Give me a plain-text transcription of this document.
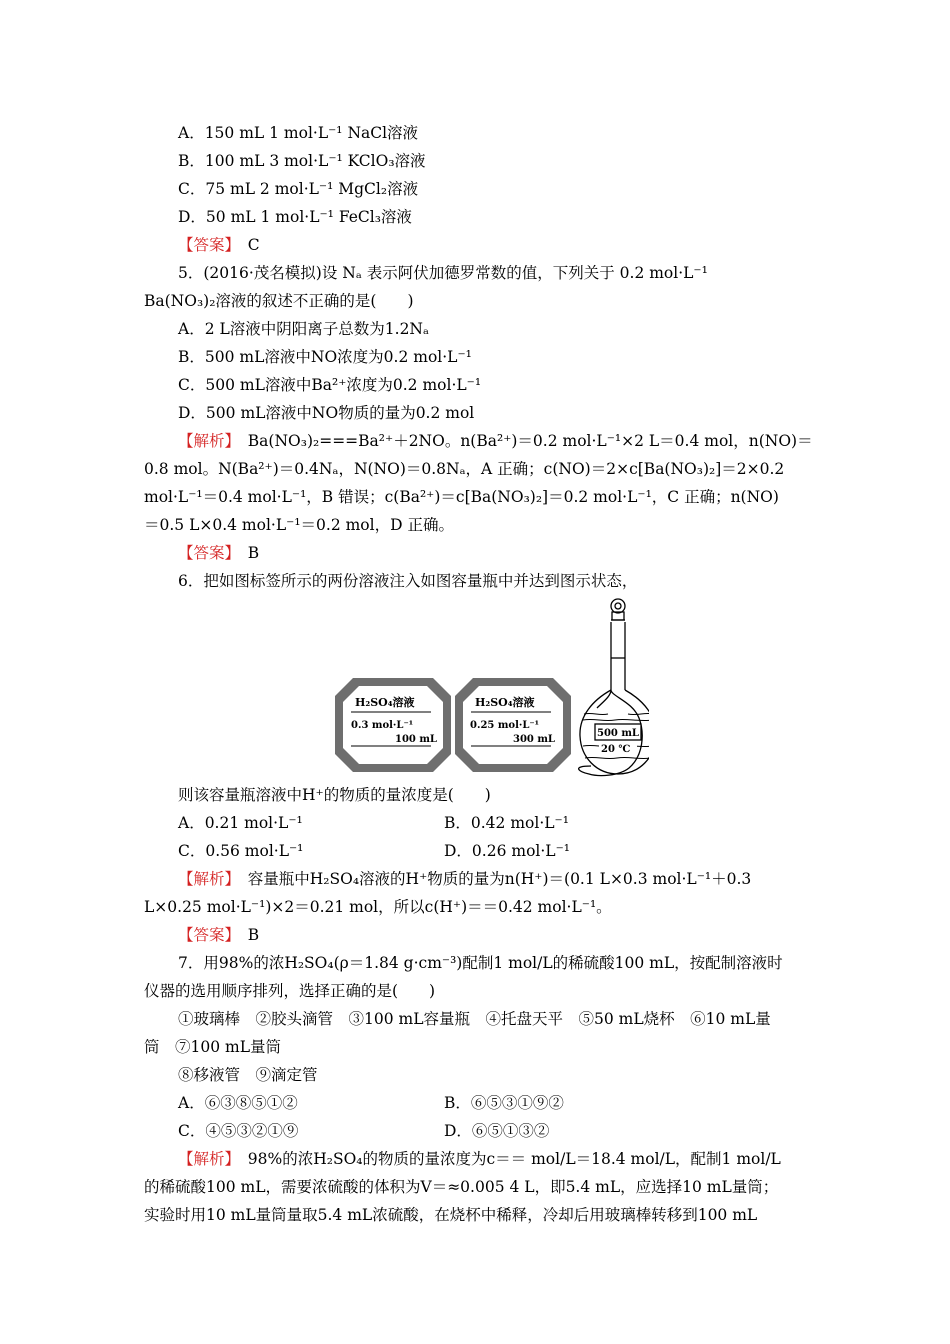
A．150 mL 1 mol·L⁻¹ NaCl溶液
B．100 mL 3 mol·L⁻¹ KClO₃溶液
C．75 mL 2 mol·L⁻¹ MgCl₂溶液
D．50 mL 1 mol·L⁻¹ FeCl₃溶液
【答案】　 C
5．(2016·茂名模拟)设 Nₐ 表示阿伏加德罗常数的值，下列关于 0.2 mol·L⁻¹
Ba(NO₃)₂溶液的叙述不正确的是(　　)
A．2 L溶液中阴阳离子总数为1.2Nₐ
B．500 mL溶液中NO浓度为0.2 mol·L⁻¹
C．500 mL溶液中Ba²⁺浓度为0.2 mol·L⁻¹
D．500 mL溶液中NO物质的量为0.2 mol
【解析】　 Ba(NO₃)₂===Ba²⁺＋2NO。n(Ba²⁺)＝0.2 mol·L⁻¹×2 L＝0.4 mol，n(NO)＝
0.8 mol。N(Ba²⁺)＝0.4Nₐ，N(NO)＝0.8Nₐ，A 正确；c(NO)＝2×c[Ba(NO₃)₂]＝2×0.2
mol·L⁻¹＝0.4 mol·L⁻¹，B 错误；c(Ba²⁺)＝c[Ba(NO₃)₂]＝0.2 mol·L⁻¹，C 正确；n(NO)
＝0.5 L×0.4 mol·L⁻¹＝0.2 mol，D 正确。
【答案】　 B
6．把如图标签所示的两份溶液注入如图容量瓶中并达到图示状态，
H₂SO₄溶液
0.3 mol·L⁻¹
100 mL
H₂SO₄溶液
0.25 mol·L⁻¹
300 mL
500 mL
20 ℃
则该容量瓶溶液中H⁺的物质的量浓度是(　　)
A．0.21 mol·L⁻¹	B．0.42 mol·L⁻¹
C．0.56 mol·L⁻¹	D．0.26 mol·L⁻¹
【解析】　 容量瓶中H₂SO₄溶液的H⁺物质的量为n(H⁺)＝(0.1 L×0.3 mol·L⁻¹＋0.3
L×0.25 mol·L⁻¹)×2＝0.21 mol，所以c(H⁺)＝＝0.42 mol·L⁻¹。
【答案】　 B
7．用98%的浓H₂SO₄(ρ＝1.84 g·cm⁻³)配制1 mol/L的稀硫酸100 mL，按配制溶液时
仪器的选用顺序排列，选择正确的是(　　)
①玻璃棒　②胶头滴管　③100 mL容量瓶　④托盘天平　⑤50 mL烧杯　⑥10 mL量
筒　⑦100 mL量筒
⑧移液管　⑨滴定管
A．⑥③⑧⑤①②	B．⑥⑤③①⑨②
C．④⑤③②①⑨	D．⑥⑤①③②
【解析】　 98%的浓H₂SO₄的物质的量浓度为c＝＝ mol/L＝18.4 mol/L，配制1 mol/L
的稀硫酸100 mL，需要浓硫酸的体积为V＝≈0.005 4 L，即5.4 mL，应选择10 mL量筒；
实验时用10 mL量筒量取5.4 mL浓硫酸，在烧杯中稀释，冷却后用玻璃棒转移到100 mL
